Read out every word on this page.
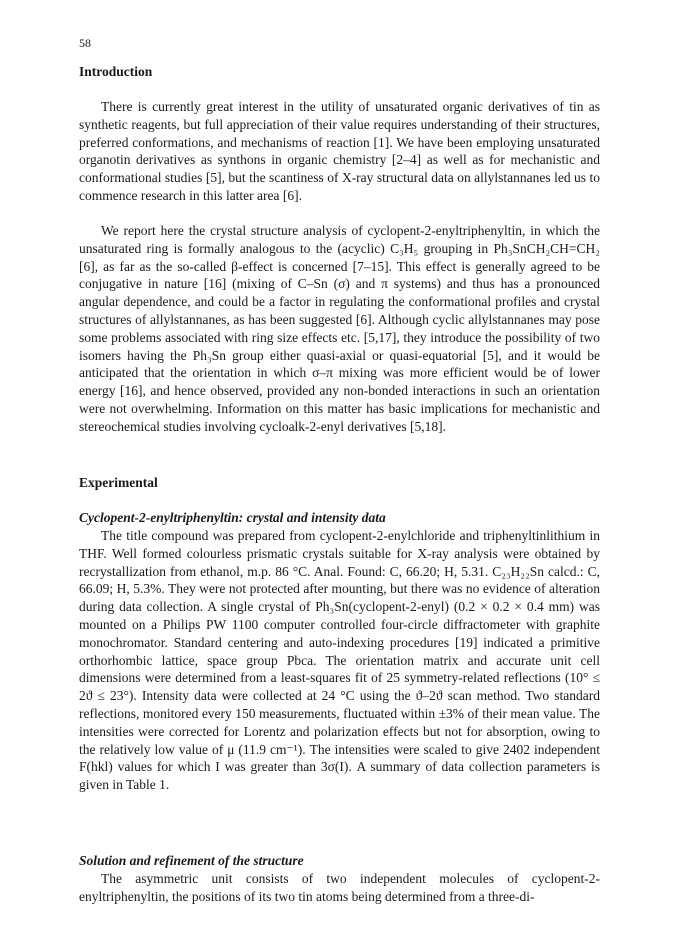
58
Introduction

There is currently great interest in the utility of unsaturated organic derivatives of tin as synthetic reagents, but full appreciation of their value requires understanding of their structures, preferred conformations, and mechanisms of reaction [1]. We have been employing unsaturated organotin derivatives as synthons in organic chemistry [2–4] as well as for mechanistic and conformational studies [5], but the scantiness of X-ray structural data on allylstannanes led us to commence research in this latter area [6].

We report here the crystal structure analysis of cyclopent-2-enyltriphenyltin, in which the unsaturated ring is formally analogous to the (acyclic) C₃H₅ grouping in Ph₃SnCH₂CH=CH₂ [6], as far as the so-called β-effect is concerned [7–15]. This effect is generally agreed to be conjugative in nature [16] (mixing of C–Sn (σ) and π systems) and thus has a pronounced angular dependence, and could be a factor in regulating the conformational profiles and crystal structures of allylstannanes, as has been suggested [6]. Although cyclic allylstannanes may pose some problems associated with ring size effects etc. [5,17], they introduce the possibility of two isomers having the Ph₃Sn group either quasi-axial or quasi-equatorial [5], and it would be anticipated that the orientation in which σ–π mixing was more efficient would be of lower energy [16], and hence observed, provided any non-bonded interactions in such an orientation were not overwhelming. Information on this matter has basic implications for mechanistic and stereochemical studies involving cycloalk-2-enyl derivatives [5,18].

Experimental
Cyclopent-2-enyltriphenyltin: crystal and intensity data

The title compound was prepared from cyclopent-2-enylchloride and triphenyltinlithium in THF. Well formed colourless prismatic crystals suitable for X-ray analysis were obtained by recrystallization from ethanol, m.p. 86 °C. Anal. Found: C, 66.20; H, 5.31. C₂₃H₂₂Sn calcd.: C, 66.09; H, 5.3%. They were not protected after mounting, but there was no evidence of alteration during data collection. A single crystal of Ph₃Sn(cyclopent-2-enyl) (0.2 × 0.2 × 0.4 mm) was mounted on a Philips PW 1100 computer controlled four-circle diffractometer with graphite monochromator. Standard centering and auto-indexing procedures [19] indicated a primitive orthorhombic lattice, space group Pbca. The orientation matrix and accurate unit cell dimensions were determined from a least-squares fit of 25 symmetry-related reflections (10° ≤ 2ϑ ≤ 23°). Intensity data were collected at 24 °C using the ϑ–2ϑ scan method. Two standard reflections, monitored every 150 measurements, fluctuated within ±3% of their mean value. The intensities were corrected for Lorentz and polarization effects but not for absorption, owing to the relatively low value of μ (11.9 cm⁻¹). The intensities were scaled to give 2402 independent F(hkl) values for which I was greater than 3σ(I). A summary of data collection parameters is given in Table 1.

Solution and refinement of the structure

The asymmetric unit consists of two independent molecules of cyclopent-2-enyltriphenyltin, the positions of its two tin atoms being determined from a three-di-
